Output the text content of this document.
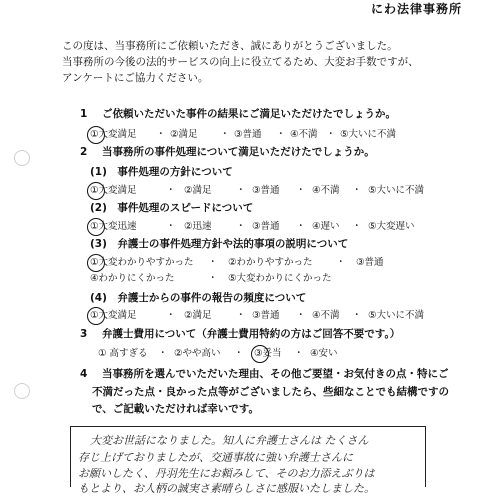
にわ法律事務所
この度は、当事務所にご依頼いただき、誠にありがとうございました。
当事務所の今後の法的サービスの向上に役立てるため、大変お手数ですが、
アンケートにご協力ください。
1 ご依頼いただいた事件の結果にご満足いただけたでしょうか。
①大変満足 ・ ②満足 ・ ③普通 ・ ④不満 ・ ⑤大いに不満
2 当事務所の事件処理について満足いただけたでしょうか。
(1)　事件処理の方針について
①大変満足	・ ②満足	・ ③普通 ・ ④不満 ・ ⑤大いに不満
(2)　事件処理のスピードについて
①大変迅速	・ ②迅速	・ ③普通 ・ ④遅い ・ ⑤大変遅い
(3)　弁護士の事件処理方針や法的事項の説明について
①大変わかりやすかった ・ ②わかりやすかった ・ ③普通
④わかりにくかった	・ ⑤大変わかりにくかった
(4)　弁護士からの事件の報告の頻度について
①大変満足	・ ②満足	・ ③普通 ・ ④不満 ・ ⑤大いに不満
3 弁護士費用について（弁護士費用特約の方はご回答不要です。）
① 高すぎる ・ ②やや高い ・ ③妥当 ・ ④安い
4 当事務所を選んでいただいた理由、その他ご要望・お気付きの点・特にご
不満だった点・良かった点等がございましたら、些細なことでも結構ですの
で、ご記載いただければ幸いです。
大変お世話になりました。知人に弁護士さんは たくさん
存じ上げておりましたが、交通事故に強い弁護士さんに
お願いしたく、丹羽先生にお頼みして、そのお力添えぶりは
もとより、お人柄の誠実さ素晴らしさに感服いたしました。
